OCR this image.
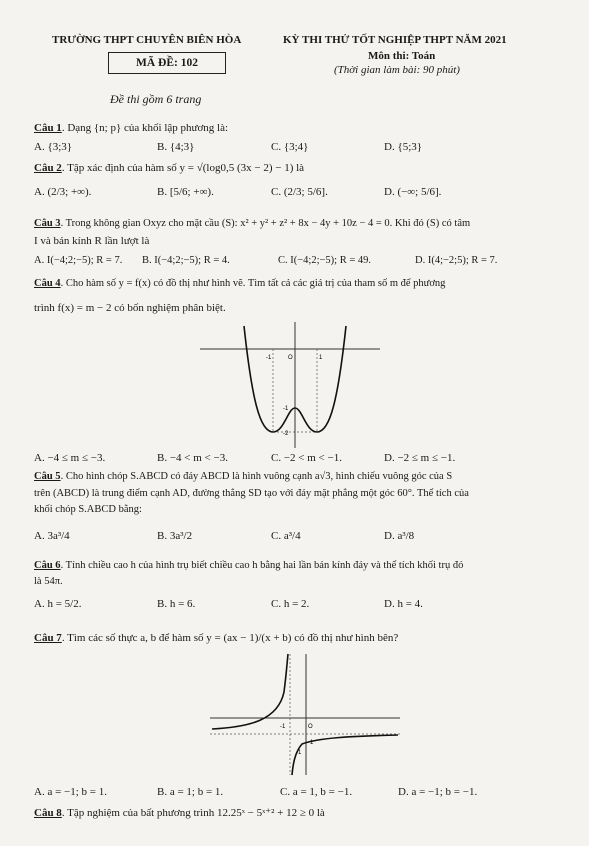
TRƯỜNG THPT CHUYÊN BIÊN HÒA	KỲ THI THỬ TỐT NGHIỆP THPT NĂM 2021
Môn thi: Toán
(Thời gian làm bài: 90 phút)
MÃ ĐỀ: 102
Đề thi gồm 6 trang
Câu 1. Dạng {n; p} của khối lập phương là:
A. {3;3}	B. {4;3}	C. {3;4}	D. {5;3}
Câu 2. Tập xác định của hàm số y = √(log0,5 (3x − 2) − 1) là
A. (2/3; +∞).	B. [5/6; +∞).	C. (2/3; 5/6].	D. (−∞; 5/6].
Câu 3. Trong không gian Oxyz cho mặt cầu (S): x² + y² + z² + 8x − 4y + 10z − 4 = 0. Khi đó (S) có tâm
I và bán kính R lần lượt là
A. I(−4;2;−5); R = 7. B. I(−4;2;−5); R = 4.	C. I(−4;2;−5); R = 49.	D. I(4;−2;5); R = 7.
Câu 4. Cho hàm số y = f(x) có đồ thị như hình vẽ. Tìm tất cả các giá trị của tham số m để phương
trình f(x) = m − 2 có bốn nghiệm phân biệt.
-1	O	1
-1
-2
A. −4 ≤ m ≤ −3.	B. −4 < m < −3.	C. −2 < m < −1.	D. −2 ≤ m ≤ −1.
Câu 5. Cho hình chóp S.ABCD có đáy ABCD là hình vuông cạnh a√3, hình chiếu vuông góc của S
trên (ABCD) là trung điểm cạnh AD, đường thẳng SD tạo với đáy mặt phẳng một góc 60°. Thể tích của
khối chóp S.ABCD bằng:
A. 3a³/4	B. 3a³/2	C. a³/4	D. a³/8
Câu 6. Tính chiều cao h của hình trụ biết chiều cao h bằng hai lần bán kính đáy và thể tích khối trụ đó
là 54π.
A. h = 5/2.	B. h = 6.	C. h = 2.	D. h = 4.
Câu 7. Tìm các số thực a, b để hàm số y = (ax − 1)/(x + b) có đồ thị như hình bên?
O
-1
1
-1
A. a = −1; b = 1.	B. a = 1; b = 1.	C. a = 1, b = −1.	D. a = −1; b = −1.
Câu 8. Tập nghiệm của bất phương trình 12.25ˣ − 5ˣ⁺² + 12 ≥ 0 là
